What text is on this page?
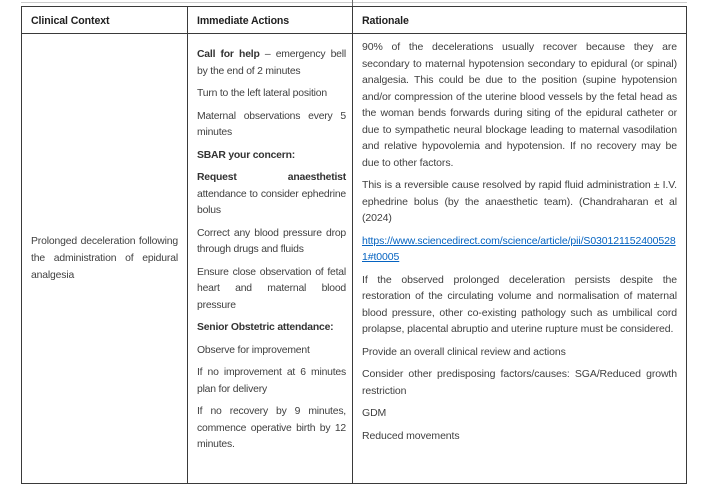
Clinical Context	Immediate Actions	Rationale
Prolonged deceleration following the administration of epidural analgesia

Call for help – emergency bell by the end of 2 minutes

Turn to the left lateral position

Maternal observations every 5 minutes

SBAR your concern:

Request anaesthetist attendance to consider ephedrine bolus

Correct any blood pressure drop through drugs and fluids

Ensure close observation of fetal heart and maternal blood pressure

Senior Obstetric attendance:

Observe for improvement

If no improvement at 6 minutes plan for delivery

If no recovery by 9 minutes, commence operative birth by 12 minutes.

90% of the decelerations usually recover because they are secondary to maternal hypotension secondary to epidural (or spinal) analgesia. This could be due to the position (supine hypotension and/or compression of the uterine blood vessels by the fetal head as the woman bends forwards during siting of the epidural catheter or due to sympathetic neural blockage leading to maternal vasodilation and relative hypovolemia and hypotension. If no recovery may be due to other factors.

This is a reversible cause resolved by rapid fluid administration ± I.V. ephedrine bolus (by the anaesthetic team). (Chandraharan et al (2024)

https://www.sciencedirect.com/science/article/pii/S0301211524005281#t0005

If the observed prolonged deceleration persists despite the restoration of the circulating volume and normalisation of maternal blood pressure, other co-existing pathology such as umbilical cord prolapse, placental abruptio and uterine rupture must be considered.

Provide an overall clinical review and actions

Consider other predisposing factors/causes: SGA/Reduced growth restriction

GDM

Reduced movements
